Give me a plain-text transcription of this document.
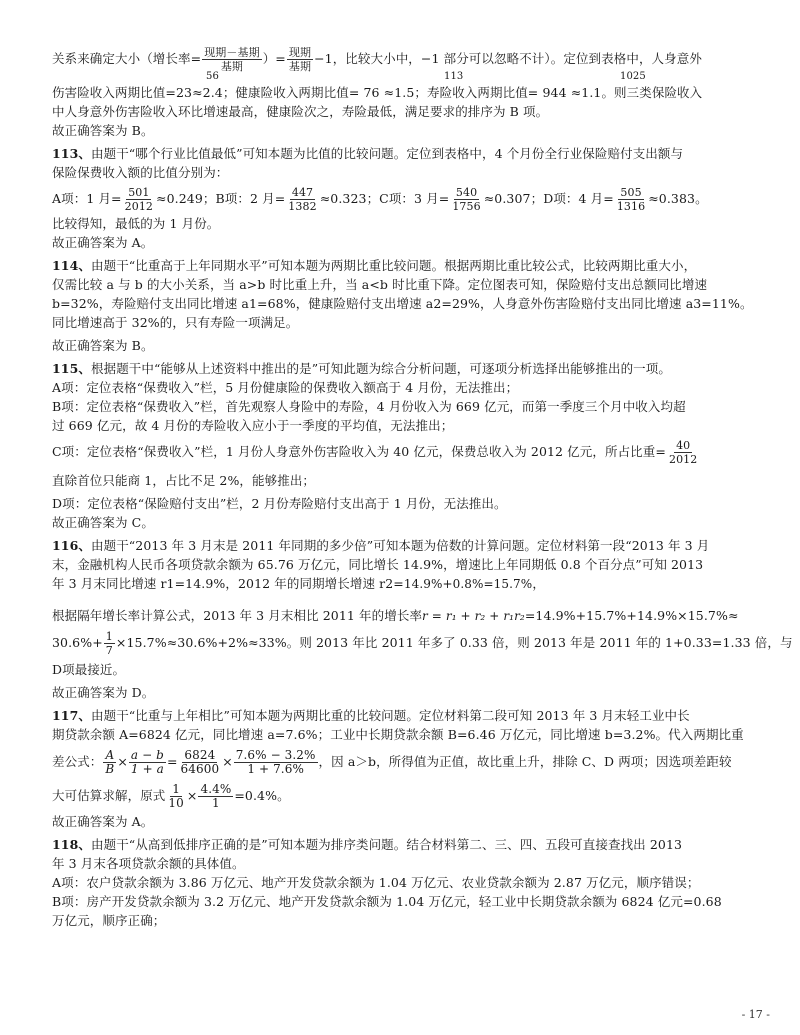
关系来确定大小（增长率= $\frac{\text{现期－基期}}{\text{基期}}$ ）= $\frac{\text{现期}}{\text{基期}} -1$，比较大小中，−1 部分可以忽略不计）。定位到表格中，人身意外
56	113	1025
伤害险收入两期比值=23≈2.4；健康险收入两期比值= 76 ≈1.5；寿险收入两期比值= 944 ≈1.1。则三类保险收入
中人身意外伤害险收入环比增速最高，健康险次之，寿险最低，满足要求的排序为 B 项。
故正确答案为 B。
113、由题干“哪个行业比值最低”可知本题为比值的比较问题。定位到表格中，4 个月份全行业保险赔付支出额与
保险保费收入额的比值分别为：
A项：1 月= $\frac{501}{2012} \approx 0.249$；B项：2 月= $\frac{447}{1382} \approx 0.323$；C项：3 月= $\frac{540}{1756} \approx 0.307$；D项：4 月= $\frac{505}{1316} \approx 0.383$。
比较得知，最低的为 1 月份。
故正确答案为 A。
114、由题干“比重高于上年同期水平”可知本题为两期比重比较问题。根据两期比重比较公式，比较两期比重大小，
仅需比较 a 与 b 的大小关系，当 a>b 时比重上升，当 a<b 时比重下降。定位图表可知，保险赔付支出总额同比增速
b=32%，寿险赔付支出同比增速 a1=68%，健康险赔付支出增速 a2=29%，人身意外伤害险赔付支出同比增速 a3=11%。
同比增速高于 32%的，只有寿险一项满足。
故正确答案为 B。
115、根据题干中“能够从上述资料中推出的是”可知此题为综合分析问题，可逐项分析选择出能够推出的一项。
A项：定位表格“保费收入”栏，5 月份健康险的保费收入额高于 4 月份，无法推出；
B项：定位表格“保费收入”栏，首先观察人身险中的寿险，4 月份收入为 669 亿元，而第一季度三个月中收入均超
过 669 亿元，故 4 月份的寿险收入应小于一季度的平均值，无法推出；
C项：定位表格“保费收入”栏，1 月份人身意外伤害险收入为 40 亿元，保费总收入为 2012 亿元，所占比重= $\frac{40}{2012}$
直除首位只能商 1，占比不足 2%，能够推出；
D项：定位表格“保险赔付支出”栏，2 月份寿险赔付支出高于 1 月份，无法推出。
故正确答案为 C。
116、由题干“2013 年 3 月末是 2011 年同期的多少倍”可知本题为倍数的计算问题。定位材料第一段“2013 年 3 月
末，金融机构人民币各项贷款余额为 65.76 万亿元，同比增长 14.9%，增速比上年同期低 0.8 个百分点”可知 2013
年 3 月末同比增速 r1=14.9%，2012 年的同期增长增速 r2=14.9%+0.8%=15.7%，
根据隔年增长率计算公式，2013 年 3 月末相比 2011 年的增长率r = r₁ + r₂ + r₁r₂=14.9%+15.7%+14.9%×15.7%≈
$30.6\%+ \frac{1}{7} \times 15.7\%\approx 30.6\%+2\%\approx 33\%$。则 2013 年比 2011 年多了 0.33 倍，则 2013 年是 2011 年的 1+0.33=1.33 倍，与
D项最接近。
故正确答案为 D。
117、由题干“比重与上年相比”可知本题为两期比重的比较问题。定位材料第二段可知 2013 年 3 月末轻工业中长
期贷款余额 A=6824 亿元，同比增速 a=7.6%；工业中长期贷款余额 B=6.46 万亿元，同比增速 b=3.2%。代入两期比重
差公式： $\frac{A}{B} \times \frac{a - b}{1 + a} = \frac{6824}{64600} \times \frac{7.6\% - 3.2\%}{1 + 7.6\%}$ ，因 a＞b，所得值为正值，故比重上升，排除 C、D 两项；因选项差距较
大可估算求解，原式 $\frac{1}{10} \times \frac{4.4\%}{1} =0.4\%$。
故正确答案为 A。
118、由题干“从高到低排序正确的是”可知本题为排序类问题。结合材料第二、三、四、五段可直接查找出 2013
年 3 月末各项贷款余额的具体值。
A项：农户贷款余额为 3.86 万亿元、地产开发贷款余额为 1.04 万亿元、农业贷款余额为 2.87 万亿元，顺序错误；
B项：房产开发贷款余额为 3.2 万亿元、地产开发贷款余额为 1.04 万亿元，轻工业中长期贷款余额为 6824 亿元=0.68
万亿元，顺序正确；
- 17 -
